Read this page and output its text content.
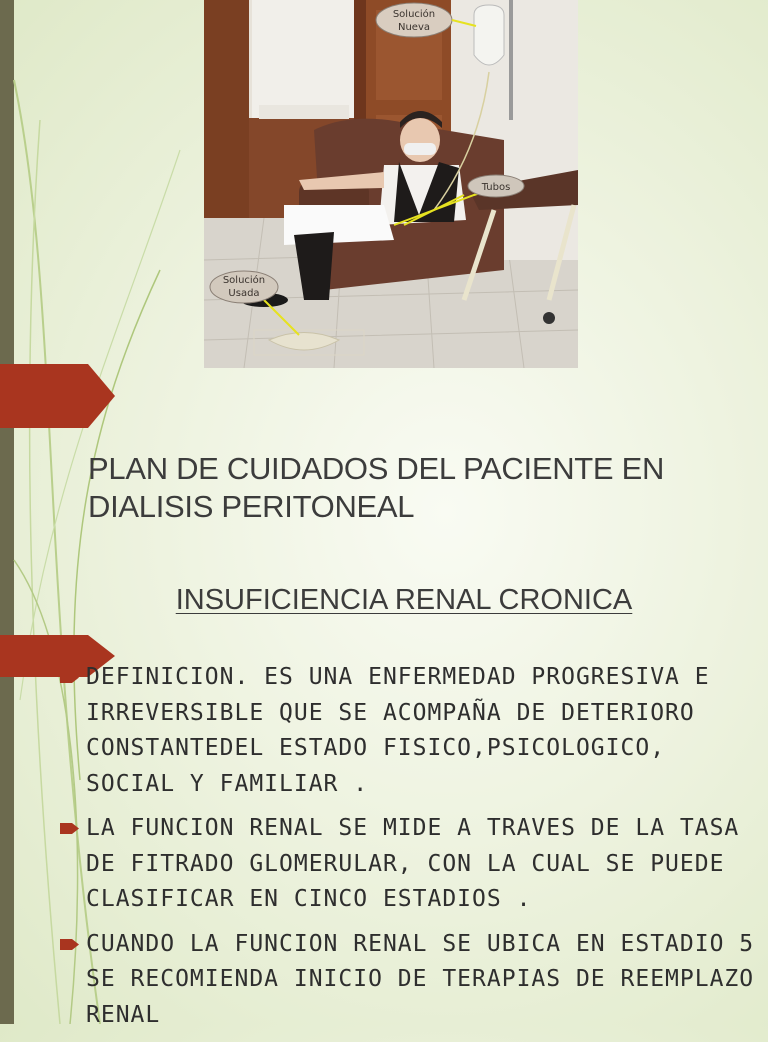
Solución
Nueva
Tubos
Solución
Usada
PLAN DE CUIDADOS DEL PACIENTE EN DIALISIS PERITONEAL
INSUFICIENCIA RENAL CRONICA
DEFINICION. ES UNA ENFERMEDAD PROGRESIVA E IRREVERSIBLE QUE SE ACOMPAÑA DE DETERIORO CONSTANTEDEL ESTADO FISICO,PSICOLOGICO, SOCIAL Y FAMILIAR .
LA FUNCION RENAL SE MIDE A TRAVES DE LA TASA DE FITRADO GLOMERULAR, CON LA CUAL SE PUEDE CLASIFICAR EN CINCO ESTADIOS .
CUANDO LA FUNCION RENAL SE UBICA EN ESTADIO 5 SE RECOMIENDA INICIO DE TERAPIAS DE REEMPLAZO RENAL
